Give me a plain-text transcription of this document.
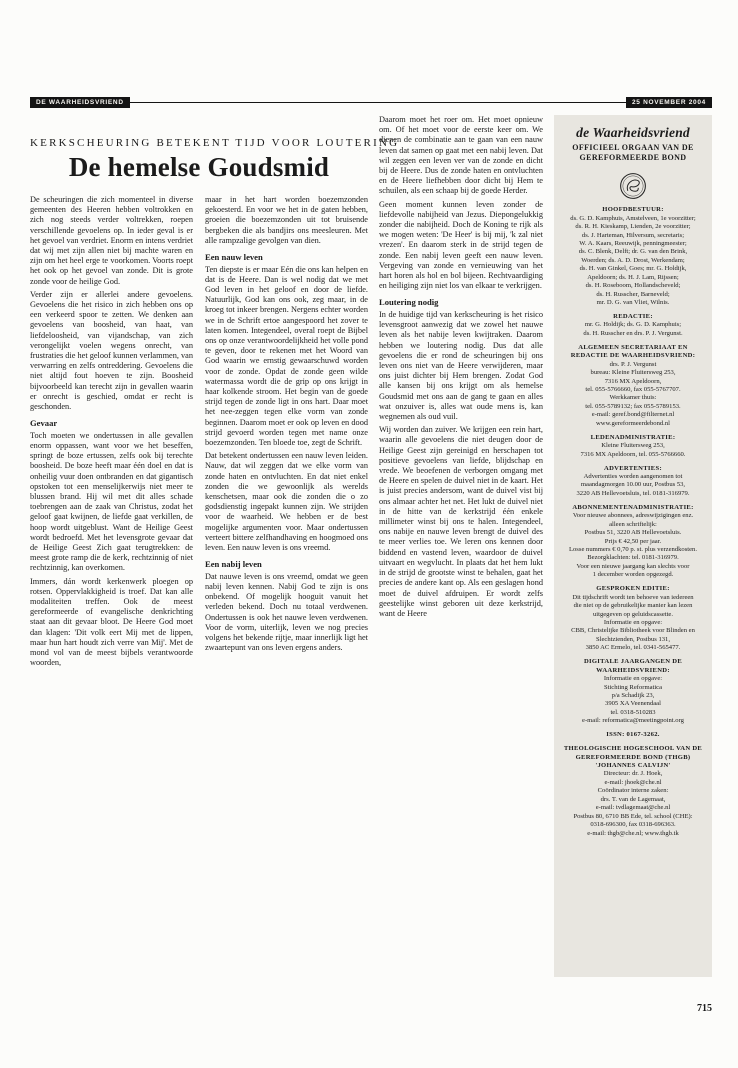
DE WAARHEIDSVRIEND	25 NOVEMBER 2004
KERKSCHEURING BETEKENT TIJD VOOR LOUTERING
De hemelse Goudsmid

De scheuringen die zich momenteel in diverse gemeenten des Heeren hebben voltrokken en zich nog steeds verder voltrekken, roepen verschillende gevoelens op. In ieder geval is er het gevoel van verdriet. Enorm en intens verdriet dat wij met zijn allen niet bij machte waren en zijn om het heel erge te voorkomen. Voorts roept het ook op het gevoel van zonde. Dit is grote zonde voor de heilige God.

Verder zijn er allerlei andere gevoelens. Gevoelens die het risico in zich hebben ons op een verkeerd spoor te zetten. We denken aan gevoelens van boosheid, van haat, van liefdeloosheid, van vijandschap, van zich verongelijkt voelen wegens onrecht, van frustraties die het geloof kunnen verlammen, van verwarring en zelfs ontreddering. Gevoelens die niet altijd fout hoeven te zijn. Boosheid bijvoorbeeld kan terecht zijn in gevallen waarin er onrecht is geschied, omdat er recht is geschonden.

Gevaar

Toch moeten we ondertussen in alle gevallen enorm oppassen, want voor we het beseffen, springt de boze ertussen, zelfs ook bij terechte boosheid. De boze heeft maar één doel en dat is onheilig vuur doen ontbranden en dat gigantisch opstoken tot een menselijkerwijs niet meer te blussen brand. Hij wil met dit alles schade toebrengen aan de zaak van Christus, zodat het geloof gaat kwijnen, de liefde gaat verkillen, de hoop wordt uitgeblust. Want de Heilige Geest wordt bedroefd. Met het levensgrote gevaar dat de Heilige Geest Zich gaat terugtrekken: de meest grote ramp die de kerk, rechtzinnig of niet rechtzinnig, kan overkomen.

Immers, dán wordt kerkenwerk ploegen op rotsen. Oppervlakkigheid is troef. Dat kan alle modaliteiten treffen. Ook de meest gereformeerde of evangelische denkrichting staat aan dit gevaar bloot. De Heere God moet dan klagen: 'Dit volk eert Mij met de lippen, maar hun hart houdt zich verre van Mij'. Met de mond vol van de meest bijbels verantwoorde woorden,

maar in het hart worden boezemzonden gekoesterd. En voor we het in de gaten hebben, groeien die boezemzonden uit tot bruisende bergbeken die als bandjirs ons meesleuren. Met alle rampzalige gevolgen van dien.

Een nauw leven

Ten diepste is er maar Eén die ons kan helpen en dat is de Heere. Dan is wel nodig dat we met God leven in het geloof en door de liefde. Natuurlijk, God kan ons ook, zeg maar, in de kroeg tot inkeer brengen. Nergens echter worden we in de Schrift ertoe aangespoord het zover te laten komen. Integendeel, overal roept de Bijbel ons op onze verantwoordelijkheid het volle pond te geven, door te rekenen met het Woord van God waarin we ernstig gewaarschuwd worden voor de zonde. Opdat de zonde geen wilde watermassa wordt die de grip op ons krijgt in haar kolkende stroom. Het begin van de goede strijd tegen de zonde ligt in ons hart. Daar moet het nee-zeggen tegen elke vorm van zonde beginnen. Daarom moet er ook op leven en dood strijd gevoerd worden tegen met name onze boezemzonden. Ten bloede toe, zegt de Schrift.

Dat betekent ondertussen een nauw leven leiden. Nauw, dat wil zeggen dat we elke vorm van zonde haten en ontvluchten. En dat niet enkel zonden die we gewoonlijk als werelds kenschetsen, maar ook die zonden die o zo godsdienstig ingepakt kunnen zijn. We strijden voor de waarheid. We hebben er de best mogelijke argumenten voor. Maar ondertussen verteert bittere zelfhandhaving en hoogmoed ons leven. Een nauw leven is ons vreemd.

Een nabij leven

Dat nauwe leven is ons vreemd, omdat we geen nabij leven kennen. Nabij God te zijn is ons onbekend. Of mogelijk hooguit vanuit het verleden bekend. Doch nu totaal verdwenen. Ondertussen is ook het nauwe leven verdwenen. Voor de vorm, uiterlijk, leven we nog precies volgens het bekende rijtje, maar innerlijk ligt het zwaartepunt van ons leven ergens anders.

Daarom moet het roer om. Het moet opnieuw om. Of het moet voor de eerste keer om. We dienen de combinatie aan te gaan van een nauw leven dat samen op gaat met een nabij leven. Dat wil zeggen een leven ver van de zonde en dicht bij de Heere. Dus de zonde haten en ontvluchten en de Heere liefhebben door dicht bij Hem te schuilen, als een schaap bij de goede Herder.

Geen moment kunnen leven zonder de liefdevolle nabijheid van Jezus. Diepongelukkig zonder die nabijheid. Doch de Koning te rijk als we mogen weten: 'De Heer' is bij mij, 'k zal niet vrezen'. En daarom sterk in de strijd tegen de zonde. Een nabij leven geeft een nauw leven. Vergeving van zonde en vernieuwing van het hart horen als hol en bol bijeen. Rechtvaardiging en heiliging zijn niet los van elkaar te verkrijgen.

Loutering nodig

In de huidige tijd van kerkscheuring is het risico levensgroot aanwezig dat we zowel het nauwe leven als het nabije leven kwijtraken. Daarom hebben we loutering nodig. Dus dat alle gevoelens die er rond de scheuringen bij ons leven ons niet van de Heere verwijderen, maar ons juist dichter bij Hem brengen. Zodat God alle kansen bij ons krijgt om als hemelse Goudsmid met ons aan de gang te gaan en alles wat onzuiver is, alles wat oude mens is, kan wegnemen als oud vuil.

Wij worden dan zuiver. We krijgen een rein hart, waarin alle gevoelens die niet deugen door de Heilige Geest zijn gereinigd en herschapen tot positieve gevoelens van liefde, blijdschap en vrede. We beoefenen de verborgen omgang met de Heere en spelen de duivel niet in de kaart. Het is juist precies andersom, want de duivel vist bij ons almaar achter het net. Het lukt de duivel niet in de hitte van de kerkstrijd één enkele millimeter winst bij ons te halen. Integendeel, ons nabije en nauwe leven brengt de duivel des te meer verlies toe. We leren ons kennen door biddend en vastend leven, waardoor de duivel uitvaart en wegvlucht. In plaats dat het hem lukt in de strijd de grootste winst te behalen, gaat het precies de andere kant op. Als een geslagen hond moet de duivel afdruipen. Er wordt zelfs geestelijke winst geboren uit deze kerkstrijd, want de Heere

de Waarheidsvriend
OFFICIEEL ORGAAN VAN DE
GEREFORMEERDE BOND
HOOFDBESTUUR:
ds. G. D. Kamphuis, Amstelveen, 1e voorzitter;
ds. R. H. Kieskamp, Lienden, 2e voorzitter;
ds. J. Harteman, Hilversum, secretaris;
W. A. Kaars, Reeuwijk, penningmeester;
ds. C. Blenk, Delft; dr. G. van den Brink,
Woerden; ds. A. D. Drost, Werkendam;
ds. H. van Ginkel, Goes; mr. G. Holdijk,
Apeldoorn; ds. H. J. Lam, Rijssen;
ds. H. Roseboom, Hollandscheveld;
ds. H. Russcher, Barneveld;
mr. D. G. van Vliet, Wilnis.
REDACTIE:
mr. G. Holdijk; ds. G. D. Kamphuis;
ds. H. Russcher en drs. P. J. Vergunst.
ALGEMEEN SECRETARIAAT EN REDACTIE DE WAARHEIDSVRIEND:
drs. P. J. Vergunst
bureau: Kleine Fluitersweg 253,
7316 MX Apeldoorn,
tel. 055-5766660, fax 055-5767707.
Werkkamer thuis:
tel. 055-5789132; fax 055-5789153.
e-mail: geref.bond@filternet.nl
www.gereformeerdebond.nl
LEDENADMINISTRATIE:
Kleine Fluitersweg 253,
7316 MX Apeldoorn, tel. 055-5766660.
ADVERTENTIES:
Advertenties worden aangenomen tot
maandagmorgen 10.00 uur, Postbus 53,
3220 AB Hellevoetsluis, tel. 0181-316979.
ABONNEMENTENADMINISTRATIE:
Voor nieuwe abonnees, adreswijzigingen enz.
alleen schriftelijk:
Postbus 51, 3220 AB Hellevoetsluis.
Prijs € 42,50 per jaar.
Losse nummers € 0,70 p. st. plus verzendkosten.
Bezorgklachten: tel. 0181-316979.
Voor een nieuwe jaargang kan slechts voor
1 december worden opgezegd.
GESPROKEN EDITIE:
Dit tijdschrift wordt ten behoeve van iedereen
die niet op de gebruikelijke manier kan lezen
uitgegeven op geluidscassette.
Informatie en opgave:
CBB, Christelijke Bibliotheek voor Blinden en
Slechtzienden, Postbus 131,
3850 AC Ermelo, tel. 0341-565477.
DIGITALE JAARGANGEN DE WAARHEIDSVRIEND:
Informatie en opgave:
Stichting Reformatica
p/a Schadijk 23,
3905 XA Veenendaal
tel. 0318-510283
e-mail: reformatica@meetingpoint.org
ISSN: 0167-3262.
THEOLOGISCHE HOGESCHOOL VAN DE GEREFORMEERDE BOND (THGB) 'JOHANNES CALVIJN'
Directeur: dr. J. Hoek,
e-mail: jhoek@che.nl
Coördinator interne zaken:
drs. T. van de Lagemaat,
e-mail: tvdlagemaat@che.nl
Postbus 80, 6710 BB Ede, tel. school (CHE):
0318-696300, fax 0318-696363.
e-mail: thgb@che.nl; www.thgb.tk
715
